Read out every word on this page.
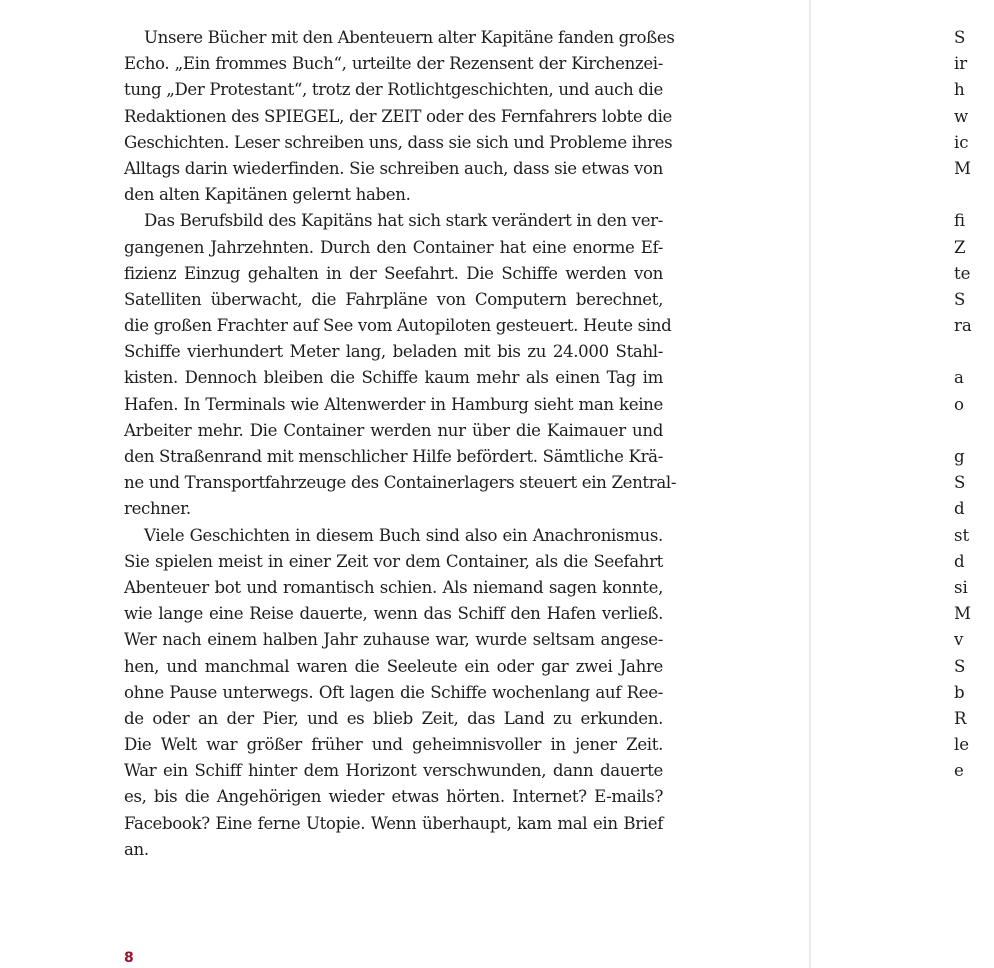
Unsere Bücher mit den Abenteuern alter Kapitäne fanden großes
Echo. „Ein frommes Buch“, urteilte der Rezensent der Kirchenzei-
tung „Der Protestant“, trotz der Rotlichtgeschichten, und auch die
Redaktionen des SPIEGEL, der ZEIT oder des Fernfahrers lobte die
Geschichten. Leser schreiben uns, dass sie sich und Probleme ihres
Alltags darin wiederfinden. Sie schreiben auch, dass sie etwas von
den alten Kapitänen gelernt haben.
Das Berufsbild des Kapitäns hat sich stark verändert in den ver-
gangenen Jahrzehnten. Durch den Container hat eine enorme Ef-
fizienz Einzug gehalten in der Seefahrt. Die Schiffe werden von
Satelliten überwacht, die Fahrpläne von Computern berechnet,
die großen Frachter auf See vom Autopiloten gesteuert. Heute sind
Schiffe vierhundert Meter lang, beladen mit bis zu 24.000 Stahl-
kisten. Dennoch bleiben die Schiffe kaum mehr als einen Tag im
Hafen. In Terminals wie Altenwerder in Hamburg sieht man keine
Arbeiter mehr. Die Container werden nur über die Kaimauer und
den Straßenrand mit menschlicher Hilfe befördert. Sämtliche Krä-
ne und Transportfahrzeuge des Containerlagers steuert ein Zentral-
rechner.
Viele Geschichten in diesem Buch sind also ein Anachronismus.
Sie spielen meist in einer Zeit vor dem Container, als die Seefahrt
Abenteuer bot und romantisch schien. Als niemand sagen konnte,
wie lange eine Reise dauerte, wenn das Schiff den Hafen verließ.
Wer nach einem halben Jahr zuhause war, wurde seltsam angese-
hen, und manchmal waren die Seeleute ein oder gar zwei Jahre
ohne Pause unterwegs. Oft lagen die Schiffe wochenlang auf Ree-
de oder an der Pier, und es blieb Zeit, das Land zu erkunden.
Die Welt war größer früher und geheimnisvoller in jener Zeit.
War ein Schiff hinter dem Horizont verschwunden, dann dauerte
es, bis die Angehörigen wieder etwas hörten. Internet? E-mails?
Facebook? Eine ferne Utopie. Wenn überhaupt, kam mal ein Brief
an.
8
S
ir
h
w
ic
M
fi
Z
te
S
ra
a
o
g
S
d
st
d
si
M
v
S
b
R
le
e
